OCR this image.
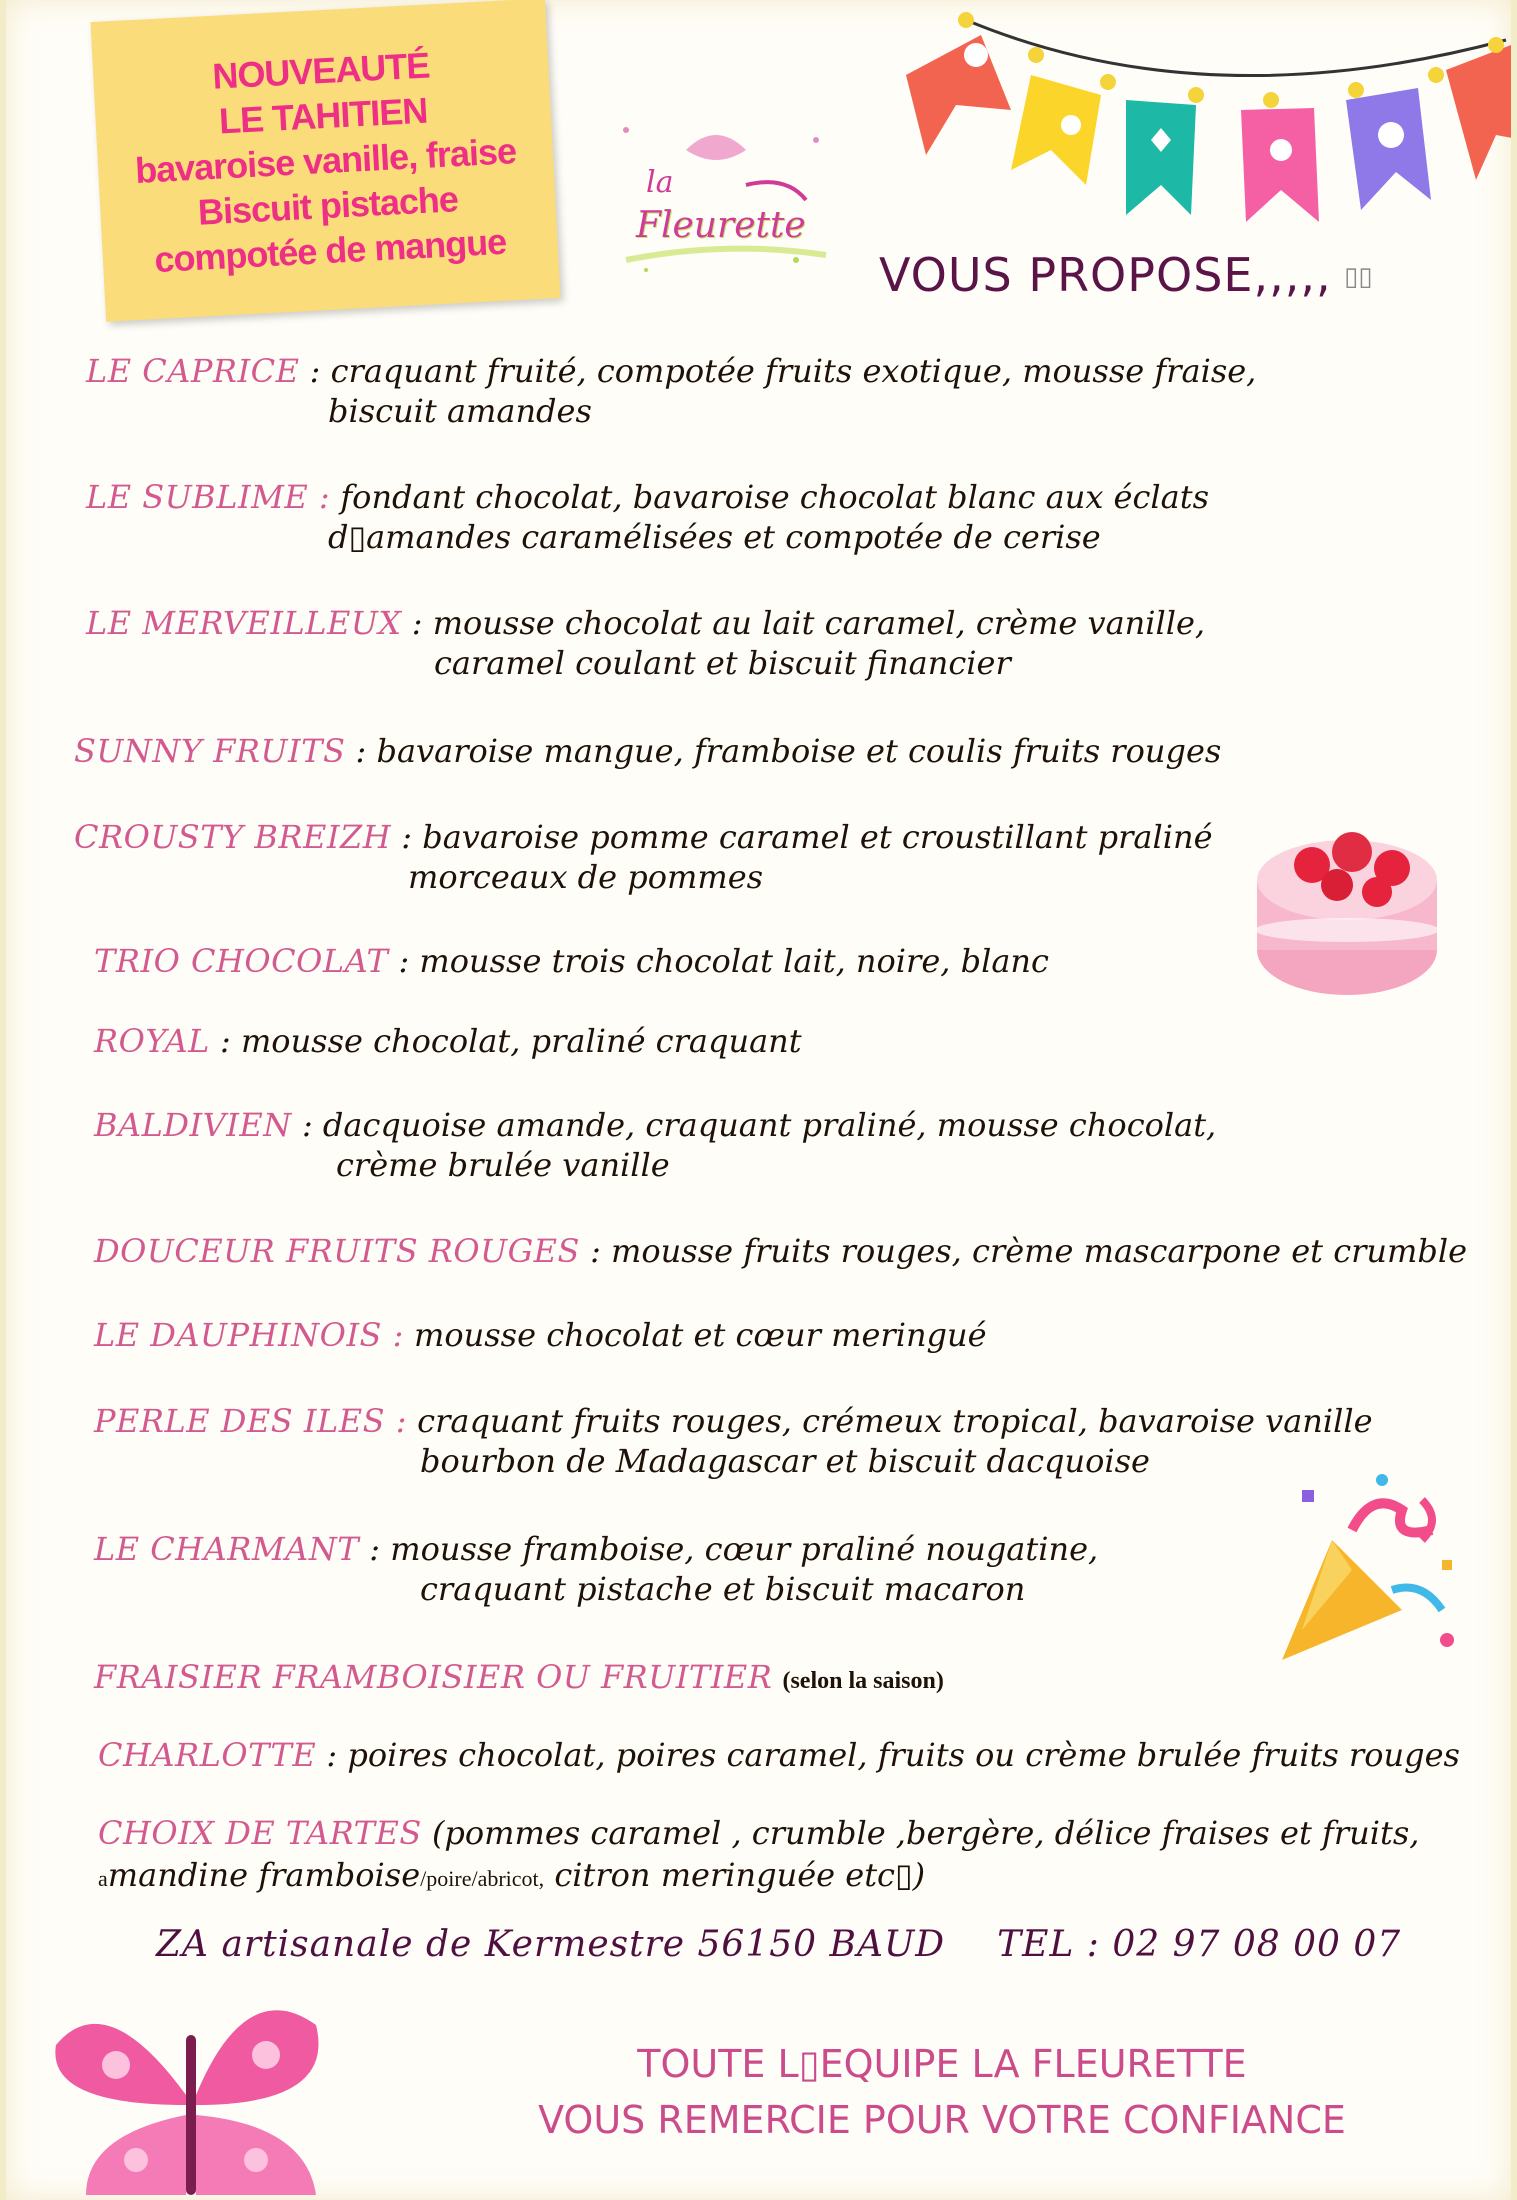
NOUVEAUTÉ
LE TAHITIEN
bavaroise vanille, fraise
Biscuit pistache
compotée de mangue
la
Fleurette
VOUS PROPOSE,,,,, ▯▯
LE CAPRICE : craquant fruité, compotée fruits exotique, mousse fraise,
biscuit amandes
LE SUBLIME : fondant chocolat, bavaroise chocolat blanc aux éclats
d▯amandes caramélisées et compotée de cerise
LE MERVEILLEUX : mousse chocolat au lait caramel, crème vanille,
caramel coulant et biscuit financier
SUNNY FRUITS : bavaroise mangue, framboise et coulis fruits rouges
CROUSTY BREIZH : bavaroise pomme caramel et croustillant praliné
morceaux de pommes
TRIO CHOCOLAT : mousse trois chocolat lait, noire, blanc
ROYAL : mousse chocolat, praliné craquant
BALDIVIEN : dacquoise amande, craquant praliné, mousse chocolat,
crème brulée vanille
DOUCEUR FRUITS ROUGES : mousse fruits rouges, crème mascarpone et crumble
LE DAUPHINOIS : mousse chocolat et cœur meringué
PERLE DES ILES : craquant fruits rouges, crémeux tropical, bavaroise vanille
bourbon de Madagascar et biscuit dacquoise
LE CHARMANT : mousse framboise, cœur praliné nougatine,
craquant pistache et biscuit macaron
FRAISIER FRAMBOISIER OU FRUITIER (selon la saison)
CHARLOTTE : poires chocolat, poires caramel, fruits ou crème brulée fruits rouges
CHOIX DE TARTES (pommes caramel , crumble ,bergère, délice fraises et fruits,
amandine framboise/poire/abricot, citron meringuée etc▯)
ZA artisanale de Kermestre 56150 BAUD TEL : 02 97 08 00 07
TOUTE L▯EQUIPE LA FLEURETTE
VOUS REMERCIE POUR VOTRE CONFIANCE
